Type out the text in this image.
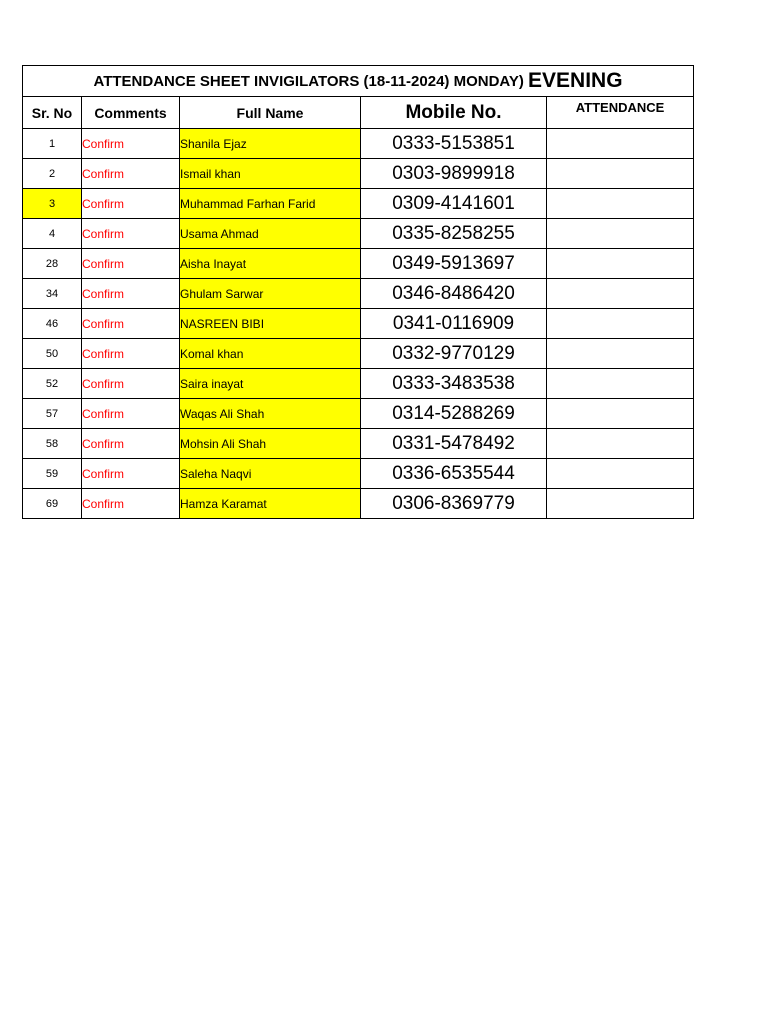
ATTENDANCE SHEET INVIGILATORS (18-11-2024) MONDAY) EVENING				
Sr. No	Comments	Full Name	Mobile No.	ATTENDANCE
1	Confirm	Shanila Ejaz	0333-5153851	
2	Confirm	Ismail khan	0303-9899918	
3	Confirm	Muhammad Farhan Farid	0309-4141601	
4	Confirm	Usama Ahmad	0335-8258255	
28	Confirm	Aisha Inayat	0349-5913697	
34	Confirm	Ghulam Sarwar	0346-8486420	
46	Confirm	NASREEN BIBI	0341-0116909	
50	Confirm	Komal khan	0332-9770129	
52	Confirm	Saira inayat	0333-3483538	
57	Confirm	Waqas Ali Shah	0314-5288269	
58	Confirm	Mohsin Ali Shah	0331-5478492	
59	Confirm	Saleha Naqvi	0336-6535544	
69	Confirm	Hamza Karamat	0306-8369779	
